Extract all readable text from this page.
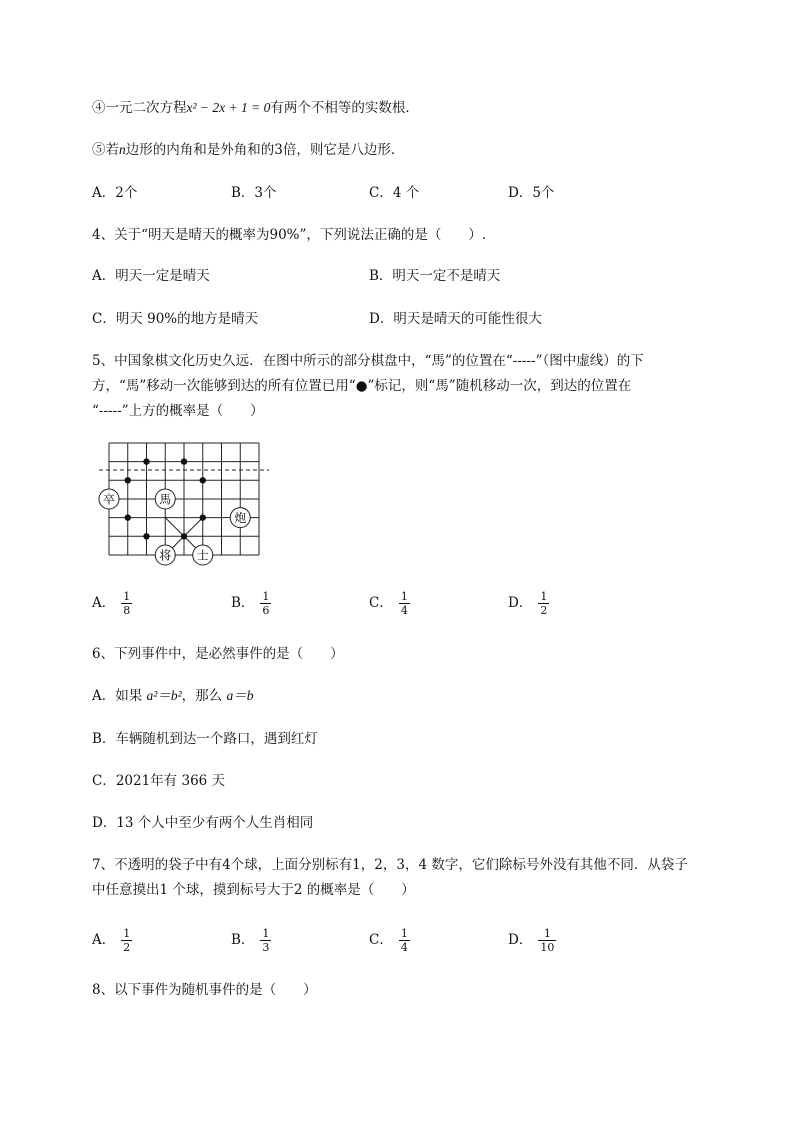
④一元二次方程x² − 2x + 1 = 0有两个不相等的实数根．
⑤若n边形的内角和是外角和的3倍，则它是八边形．
A．2个	B．3个	C．4 个	D．5个
4、关于“明天是晴天的概率为90%”，下列说法正确的是（　　）.
A．明天一定是晴天	B．明天一定不是晴天
C．明天 90%的地方是晴天	D．明天是晴天的可能性很大
5、中国象棋文化历史久远．在图中所示的部分棋盘中，“馬”的位置在“-----”（图中虚线）的下
方，“馬”移动一次能够到达的所有位置已用“●”标记，则“馬”随机移动一次，到达的位置在
“-----”上方的概率是（　　）
卒	馬
炮
将 士
A． $\frac{1}{8}$	B． $\frac{1}{6}$	C． $\frac{1}{4}$	D． $\frac{1}{2}$
6、下列事件中，是必然事件的是（　　）
A．如果 a²＝b²，那么 a＝b
B．车辆随机到达一个路口，遇到红灯
C．2021年有 366 天
D．13 个人中至少有两个人生肖相同
7、不透明的袋子中有4个球，上面分别标有1，2，3，4 数字，它们除标号外没有其他不同．从袋子
中任意摸出1 个球，摸到标号大于2 的概率是（　　）
A． $\frac{1}{2}$	B． $\frac{1}{3}$	C． $\frac{1}{4}$	D． $\frac{1}{10}$
8、以下事件为随机事件的是（　　）
